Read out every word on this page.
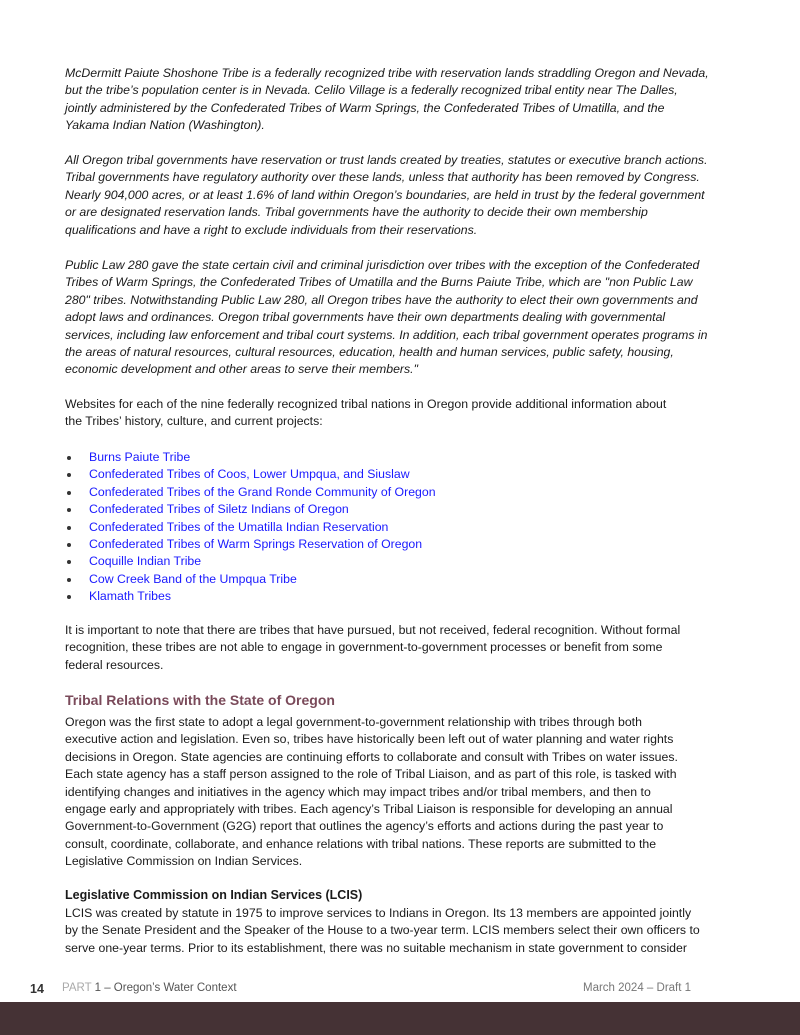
McDermitt Paiute Shoshone Tribe is a federally recognized tribe with reservation lands straddling Oregon and Nevada,
but the tribe’s population center is in Nevada. Celilo Village is a federally recognized tribal entity near The Dalles,
jointly administered by the Confederated Tribes of Warm Springs, the Confederated Tribes of Umatilla, and the
Yakama Indian Nation (Washington).
All Oregon tribal governments have reservation or trust lands created by treaties, statutes or executive branch actions.
Tribal governments have regulatory authority over these lands, unless that authority has been removed by Congress.
Nearly 904,000 acres, or at least 1.6% of land within Oregon’s boundaries, are held in trust by the federal government
or are designated reservation lands. Tribal governments have the authority to decide their own membership
qualifications and have a right to exclude individuals from their reservations.
Public Law 280 gave the state certain civil and criminal jurisdiction over tribes with the exception of the Confederated
Tribes of Warm Springs, the Confederated Tribes of Umatilla and the Burns Paiute Tribe, which are "non Public Law
280" tribes. Notwithstanding Public Law 280, all Oregon tribes have the authority to elect their own governments and
adopt laws and ordinances. Oregon tribal governments have their own departments dealing with governmental
services, including law enforcement and tribal court systems. In addition, each tribal government operates programs in
the areas of natural resources, cultural resources, education, health and human services, public safety, housing,
economic development and other areas to serve their members."
Websites for each of the nine federally recognized tribal nations in Oregon provide additional information about
the Tribes’ history, culture, and current projects:
Burns Paiute Tribe
Confederated Tribes of Coos, Lower Umpqua, and Siuslaw
Confederated Tribes of the Grand Ronde Community of Oregon
Confederated Tribes of Siletz Indians of Oregon
Confederated Tribes of the Umatilla Indian Reservation
Confederated Tribes of Warm Springs Reservation of Oregon
Coquille Indian Tribe
Cow Creek Band of the Umpqua Tribe
Klamath Tribes
It is important to note that there are tribes that have pursued, but not received, federal recognition. Without formal
recognition, these tribes are not able to engage in government-to-government processes or benefit from some
federal resources.
Tribal Relations with the State of Oregon
Oregon was the first state to adopt a legal government-to-government relationship with tribes through both
executive action and legislation. Even so, tribes have historically been left out of water planning and water rights
decisions in Oregon. State agencies are continuing efforts to collaborate and consult with Tribes on water issues.
Each state agency has a staff person assigned to the role of Tribal Liaison, and as part of this role, is tasked with
identifying changes and initiatives in the agency which may impact tribes and/or tribal members, and then to
engage early and appropriately with tribes. Each agency’s Tribal Liaison is responsible for developing an annual
Government-to-Government (G2G) report that outlines the agency’s efforts and actions during the past year to
consult, coordinate, collaborate, and enhance relations with tribal nations. These reports are submitted to the
Legislative Commission on Indian Services.
Legislative Commission on Indian Services (LCIS)
LCIS was created by statute in 1975 to improve services to Indians in Oregon. Its 13 members are appointed jointly
by the Senate President and the Speaker of the House to a two-year term. LCIS members select their own officers to
serve one-year terms. Prior to its establishment, there was no suitable mechanism in state government to consider
14 PART 1 – Oregon’s Water Context	March 2024 – Draft 1
